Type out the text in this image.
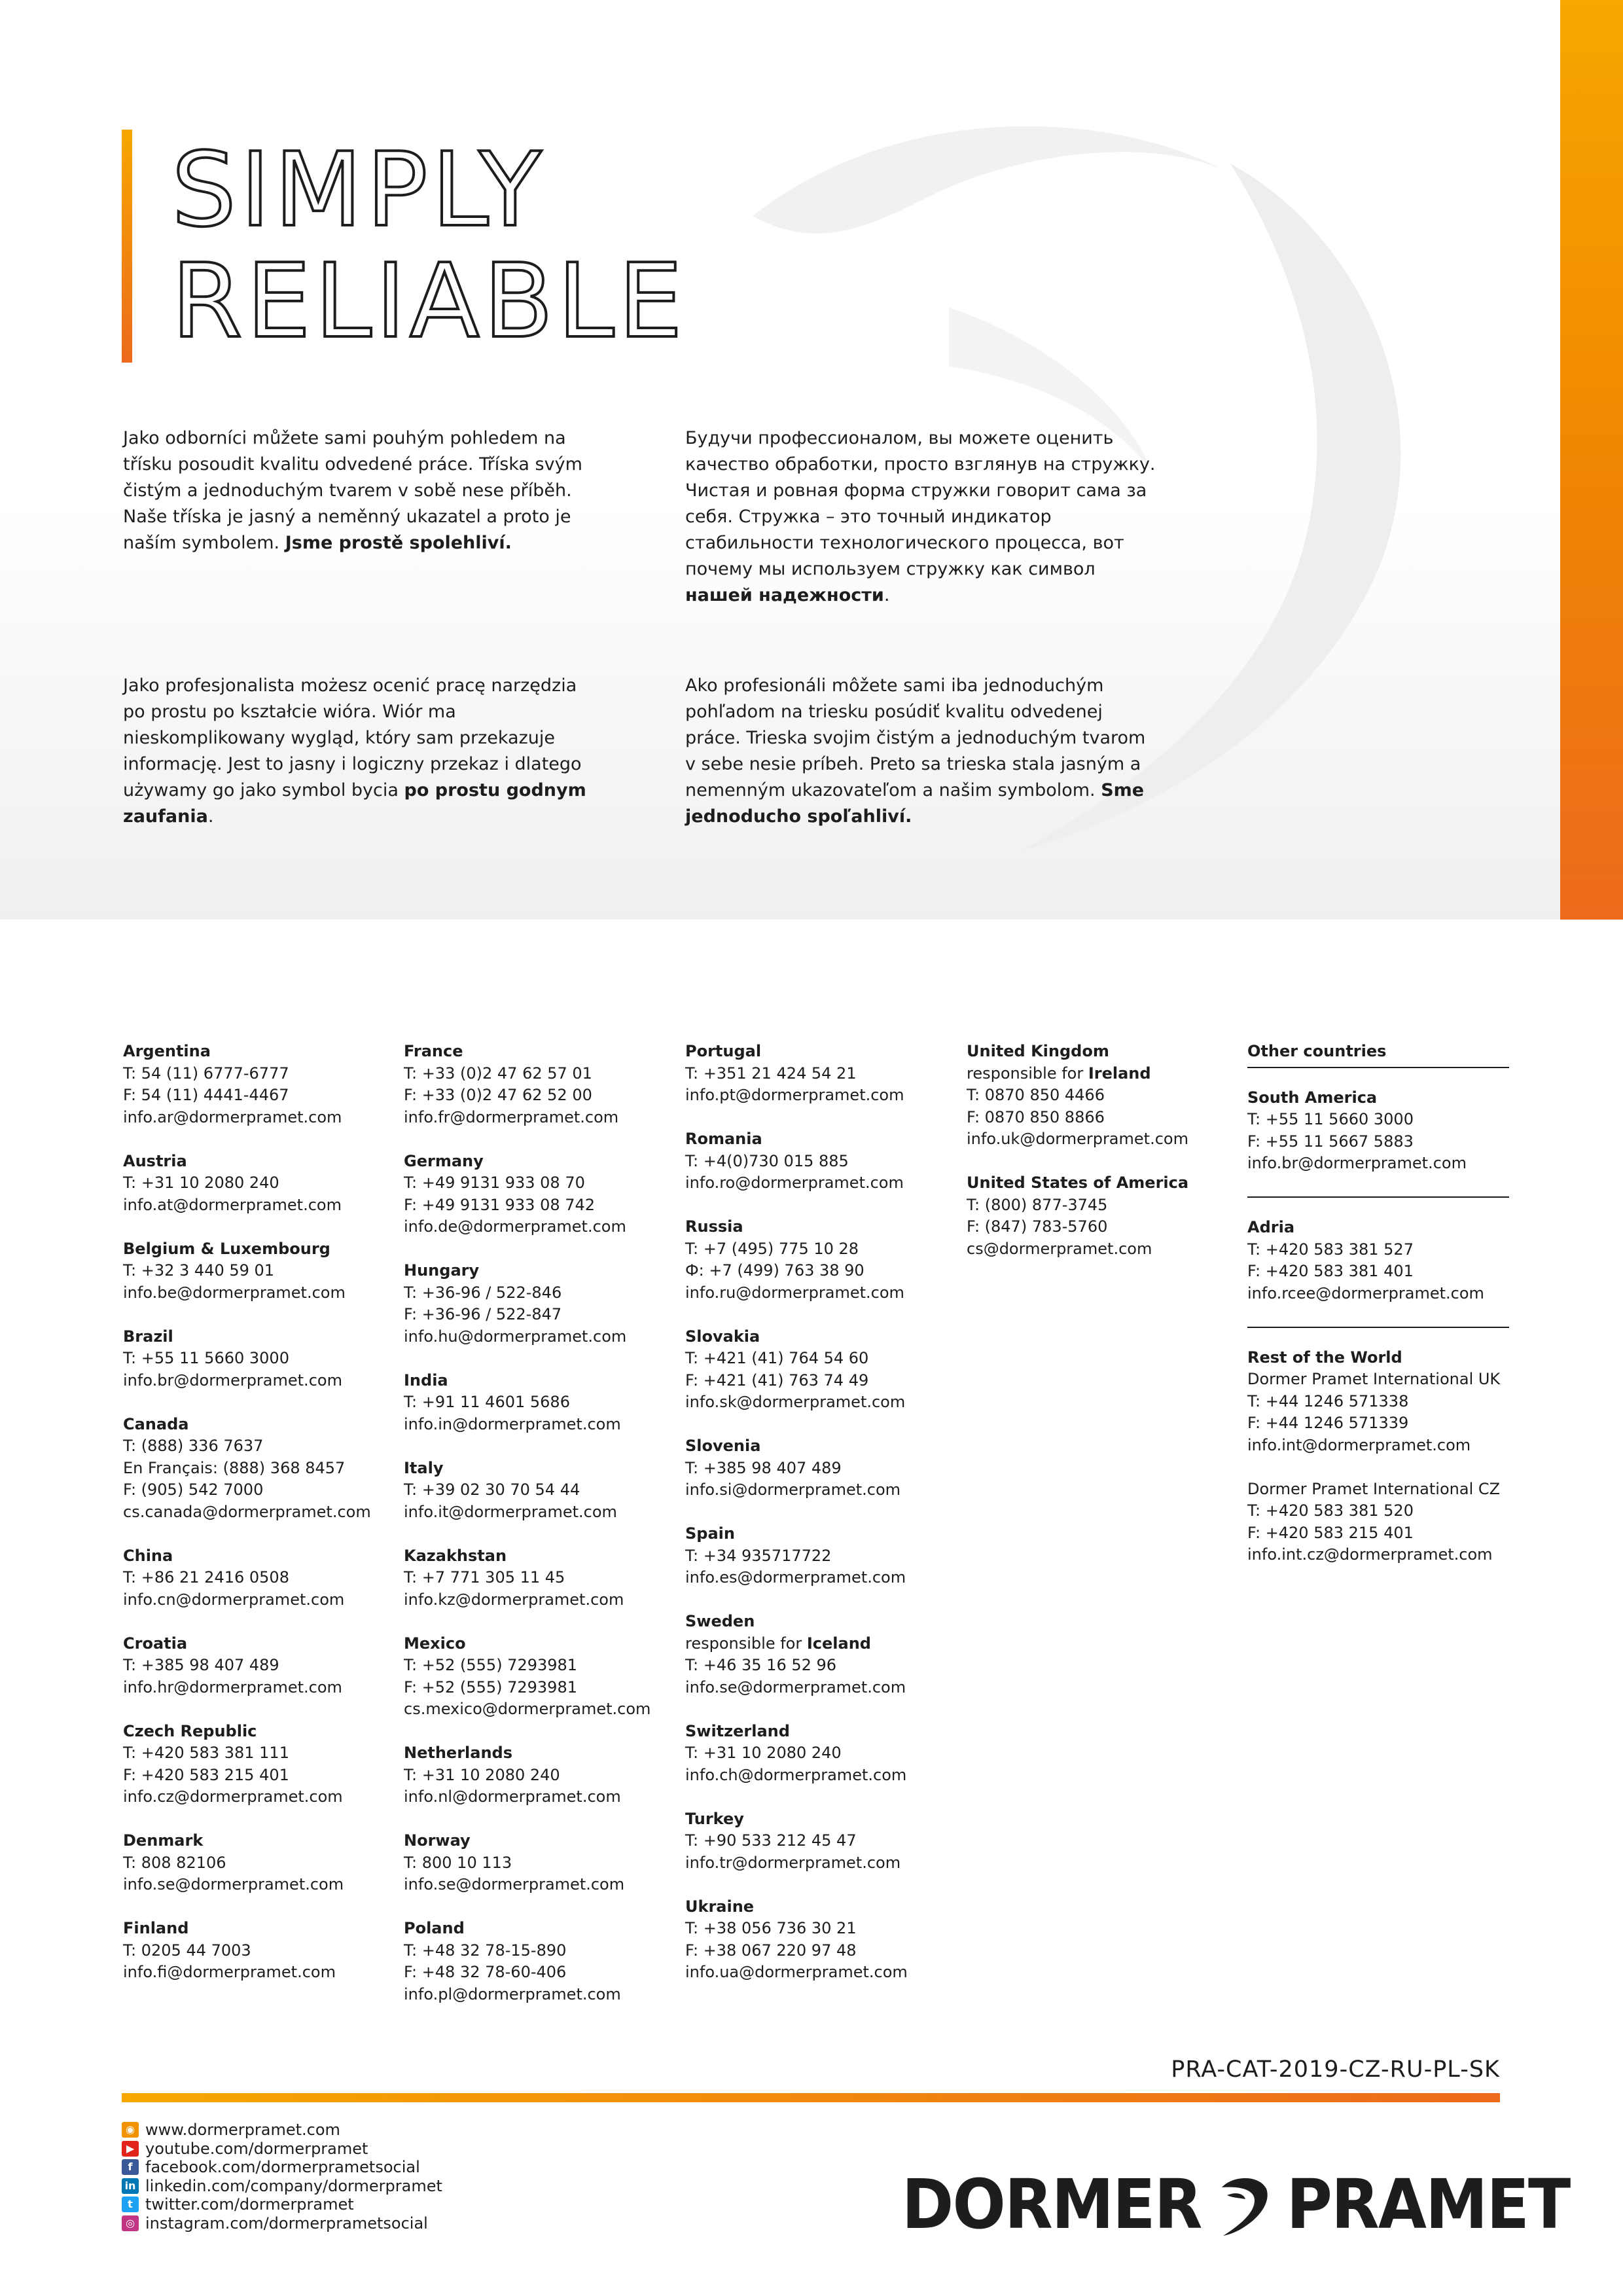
SIMPLY
RELIABLE

Jako odborníci můžete sami pouhým pohledem na třísku posoudit kvalitu odvedené práce. Tříska svým čistým a jednoduchým tvarem v sobě nese příběh. Naše tříska je jasný a neměnný ukazatel a proto je naším symbolem. Jsme prostě spolehliví.

Будучи профессионалом, вы можете оценить качество обработки, просто взглянув на стружку. Чистая и ровная форма стружки говорит сама за себя. Стружка – это точный индикатор стабильности технологического процесса, вот почему мы используем стружку как символ нашей надежности.

Jako profesjonalista możesz ocenić pracę narzędzia po prostu po kształcie wióra. Wiór ma nieskomplikowany wygląd, który sam przekazuje informację. Jest to jasny i logiczny przekaz i dlatego używamy go jako symbol bycia po prostu godnym zaufania.

Ako profesionáli môžete sami iba jednoduchým pohľadom na triesku posúdiť kvalitu odvedenej práce. Trieska svojim čistým a jednoduchým tvarom v sebe nesie príbeh. Preto sa trieska stala jasným a nemenným ukazovateľom a našim symbolom. Sme jednoducho spoľahliví.

Argentina
T: 54 (11) 6777-6777
F: 54 (11) 4441-4467
info.ar@dormerpramet.com
Austria
T: +31 10 2080 240
info.at@dormerpramet.com
Belgium & Luxembourg
T: +32 3 440 59 01
info.be@dormerpramet.com
Brazil
T: +55 11 5660 3000
info.br@dormerpramet.com
Canada
T: (888) 336 7637
En Français: (888) 368 8457
F: (905) 542 7000
cs.canada@dormerpramet.com
China
T: +86 21 2416 0508
info.cn@dormerpramet.com
Croatia
T: +385 98 407 489
info.hr@dormerpramet.com
Czech Republic
T: +420 583 381 111
F: +420 583 215 401
info.cz@dormerpramet.com
Denmark
T: 808 82106
info.se@dormerpramet.com
Finland
T: 0205 44 7003
info.fi@dormerpramet.com
France
T: +33 (0)2 47 62 57 01
F: +33 (0)2 47 62 52 00
info.fr@dormerpramet.com
Germany
T: +49 9131 933 08 70
F: +49 9131 933 08 742
info.de@dormerpramet.com
Hungary
T: +36-96 / 522-846
F: +36-96 / 522-847
info.hu@dormerpramet.com
India
T: +91 11 4601 5686
info.in@dormerpramet.com
Italy
T: +39 02 30 70 54 44
info.it@dormerpramet.com
Kazakhstan
T: +7 771 305 11 45
info.kz@dormerpramet.com
Mexico
T: +52 (555) 7293981
F: +52 (555) 7293981
cs.mexico@dormerpramet.com
Netherlands
T: +31 10 2080 240
info.nl@dormerpramet.com
Norway
T: 800 10 113
info.se@dormerpramet.com
Poland
T: +48 32 78-15-890
F: +48 32 78-60-406
info.pl@dormerpramet.com
Portugal
T: +351 21 424 54 21
info.pt@dormerpramet.com
Romania
T: +4(0)730 015 885
info.ro@dormerpramet.com
Russia
T: +7 (495) 775 10 28
Ф: +7 (499) 763 38 90
info.ru@dormerpramet.com
Slovakia
T: +421 (41) 764 54 60
F: +421 (41) 763 74 49
info.sk@dormerpramet.com
Slovenia
T: +385 98 407 489
info.si@dormerpramet.com
Spain
T: +34 935717722
info.es@dormerpramet.com
Sweden
responsible for Iceland
T: +46 35 16 52 96
info.se@dormerpramet.com
Switzerland
T: +31 10 2080 240
info.ch@dormerpramet.com
Turkey
T: +90 533 212 45 47
info.tr@dormerpramet.com
Ukraine
T: +38 056 736 30 21
F: +38 067 220 97 48
info.ua@dormerpramet.com
United Kingdom
responsible for Ireland
T: 0870 850 4466
F: 0870 850 8866
info.uk@dormerpramet.com
United States of America
T: (800) 877-3745
F: (847) 783-5760
cs@dormerpramet.com
Other countries
South America
T: +55 11 5660 3000
F: +55 11 5667 5883
info.br@dormerpramet.com
Adria
T: +420 583 381 527
F: +420 583 381 401
info.rcee@dormerpramet.com
Rest of the World
Dormer Pramet International UK
T: +44 1246 571338
F: +44 1246 571339
info.int@dormerpramet.com
Dormer Pramet International CZ
T: +420 583 381 520
F: +420 583 215 401
info.int.cz@dormerpramet.com
PRA-CAT-2019-CZ-RU-PL-SK
◉ www.dormerpramet.com
▶ youtube.com/dormerpramet
f facebook.com/dormerprametsocial
in linkedin.com/company/dormerpramet
t twitter.com/dormerpramet
◎ instagram.com/dormerprametsocial	DORMER PRAMET
